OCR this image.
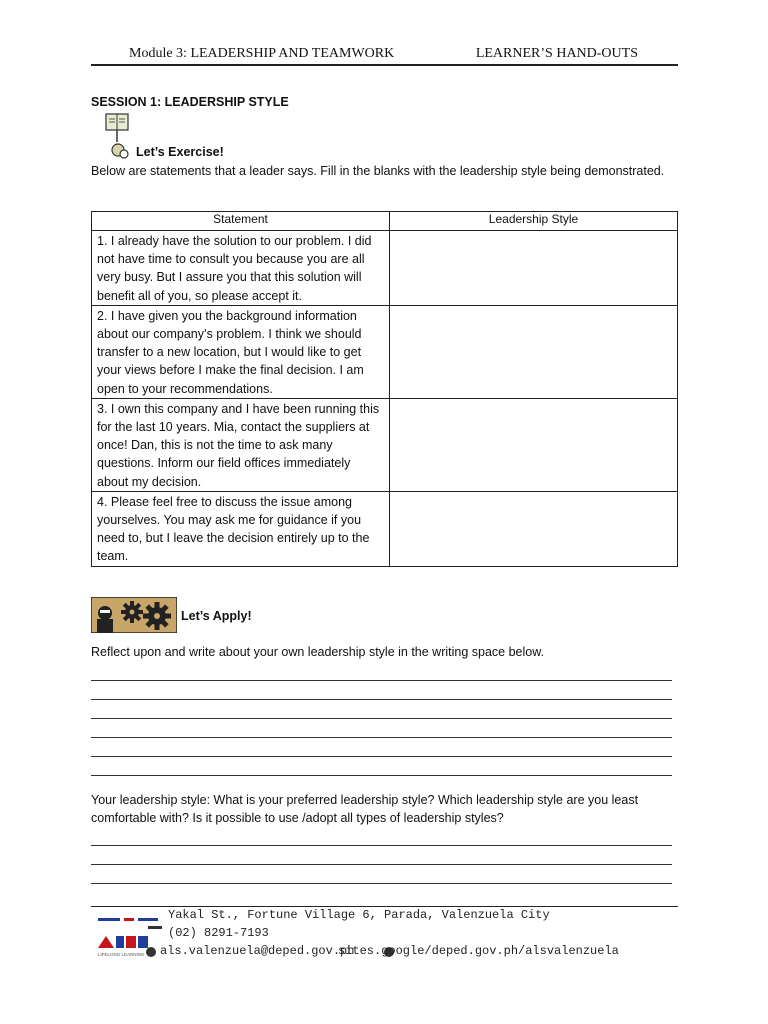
Module 3: LEADERSHIP AND TEAMWORK	LEARNER’S HAND-OUTS
SESSION 1: LEADERSHIP STYLE
Let’s Exercise!
Below are statements that a leader says. Fill in the blanks with the leadership style being demonstrated.
Statement	Leadership Style
1. I already have the solution to our problem. I did not have time to consult you because you are all very busy. But I assure you that this solution will benefit all of you, so please accept it.	
2. I have given you the background information about our company’s problem. I think we should transfer to a new location, but I would like to get your views before I make the final decision. I am open to your recommendations.	
3. I own this company and I have been running this for the last 10 years. Mia, contact the suppliers at once! Dan, this is not the time to ask many questions. Inform our field offices immediately about my decision.	
4. Please feel free to discuss the issue among yourselves. You may ask me for guidance if you need to, but I leave the decision entirely up to the team.	
Let’s Apply!
Reflect upon and write about your own leadership style in the writing space below.
Your leadership style: What is your preferred leadership style? Which leadership style are you least comfortable with? Is it possible to use /adopt all types of leadership styles?
LIFELONG LEARNING
Yakal St., Fortune Village 6, Parada, Valenzuela City
(02) 8291-7193
als.valenzuela@deped.gov.ph
sites.google/deped.gov.ph/alsvalenzuela
